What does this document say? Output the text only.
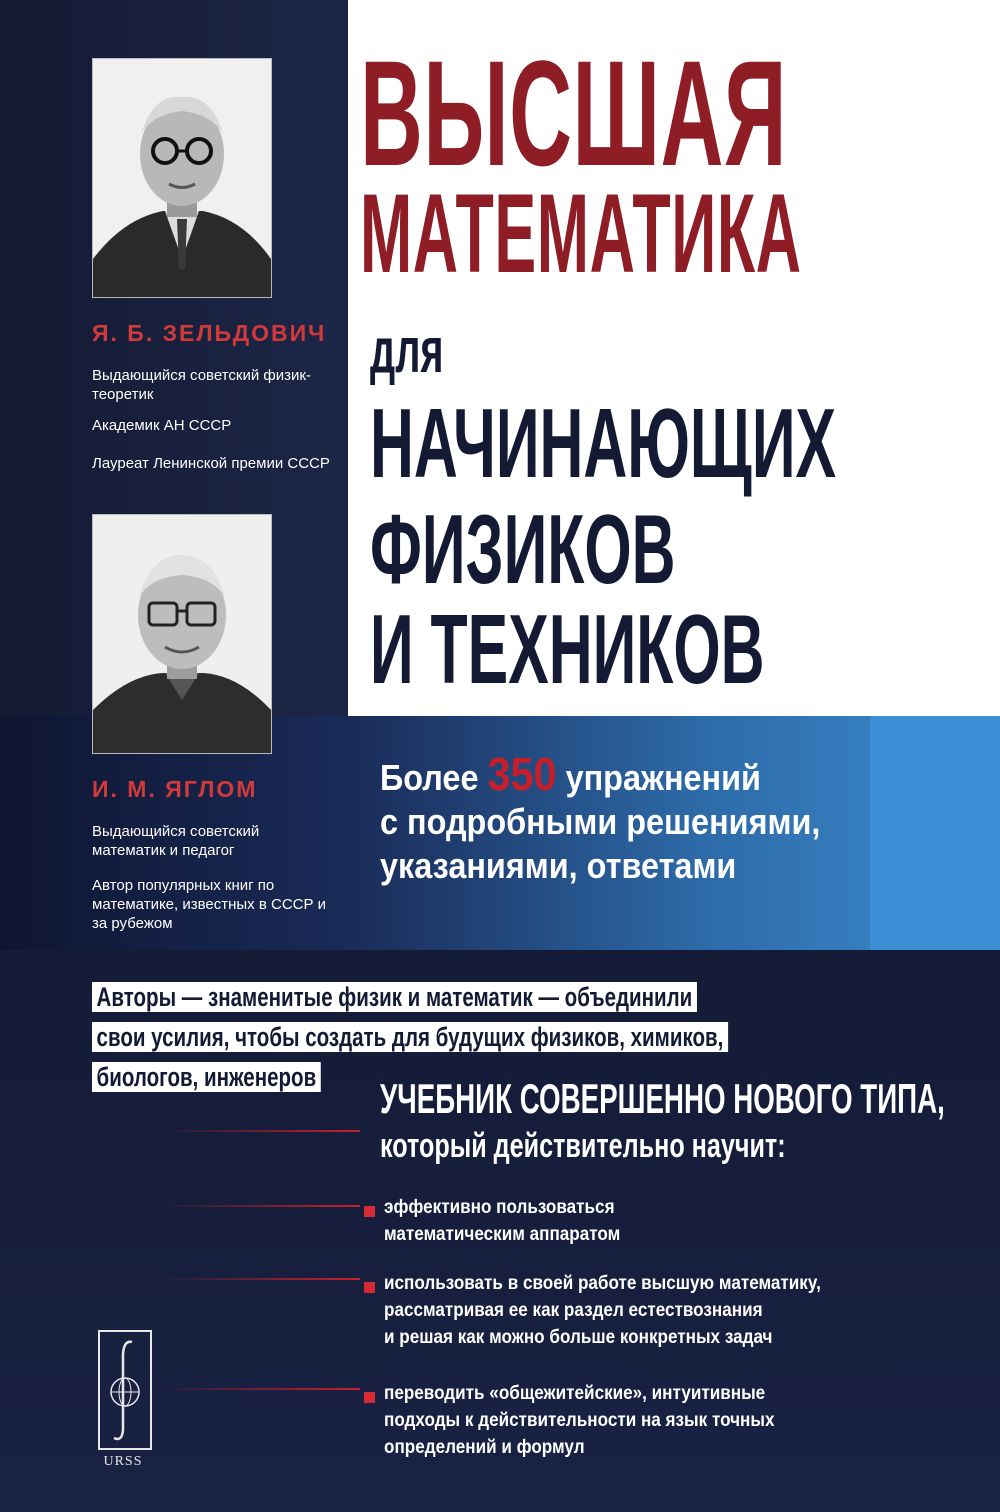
ВЫСШАЯ
МАТЕМАТИКА
для
НАЧИНАЮЩИХ
ФИЗИКОВ
И ТЕХНИКОВ
Я. Б. ЗЕЛЬДОВИЧ
Выдающийся советский физик-теоретик
Академик АН СССР
Лауреат Ленинской премии СССР
И. М. ЯГЛОМ
Выдающийся советский математик и педагог
Автор популярных книг по математике, известных в СССР и за рубежом
Более 350 упражнений
с подробными решениями,
указаниями, ответами
Авторы — знаменитые физик и математик — объединили
свои усилия, чтобы создать для будущих физиков, химиков,
биологов, инженеров	УЧЕБНИК СОВЕРШЕННО НОВОГО ТИПА,
который действительно научит:
эффективно пользоваться
математическим аппаратом
использовать в своей работе высшую математику,
рассматривая ее как раздел естествознания
и решая как можно больше конкретных задач
переводить «общежитейские», интуитивные
подходы к действительности на язык точных
определений и формул
URSS
